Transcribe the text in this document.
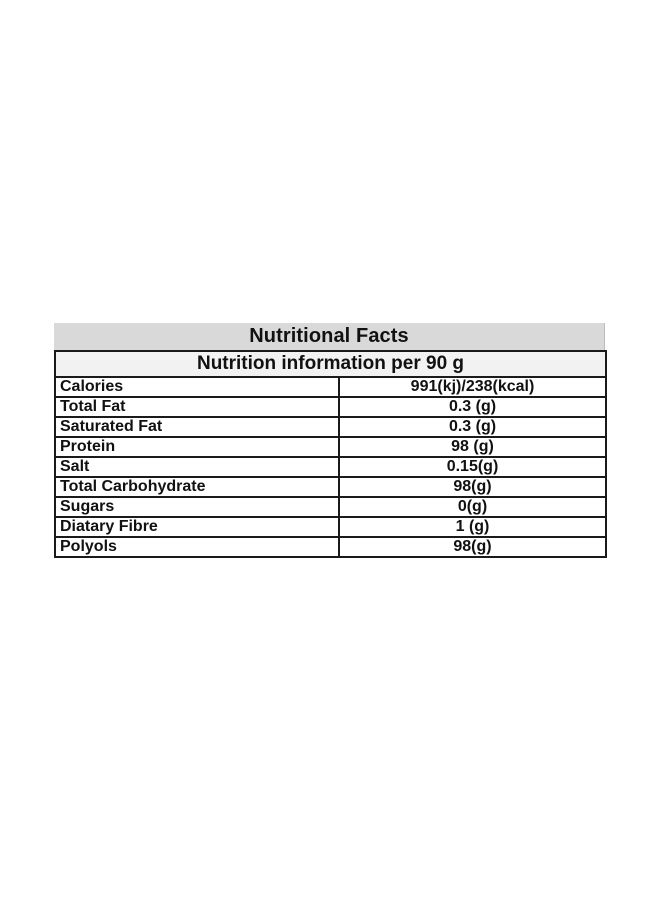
Nutritional Facts
Nutrition information per 90 g	
Calories	991(kj)/238(kcal)
Total Fat	0.3 (g)
Saturated Fat	0.3 (g)
Protein	98 (g)
Salt	0.15(g)
Total Carbohydrate	98(g)
Sugars	0(g)
Diatary Fibre	1 (g)
Polyols	98(g)
